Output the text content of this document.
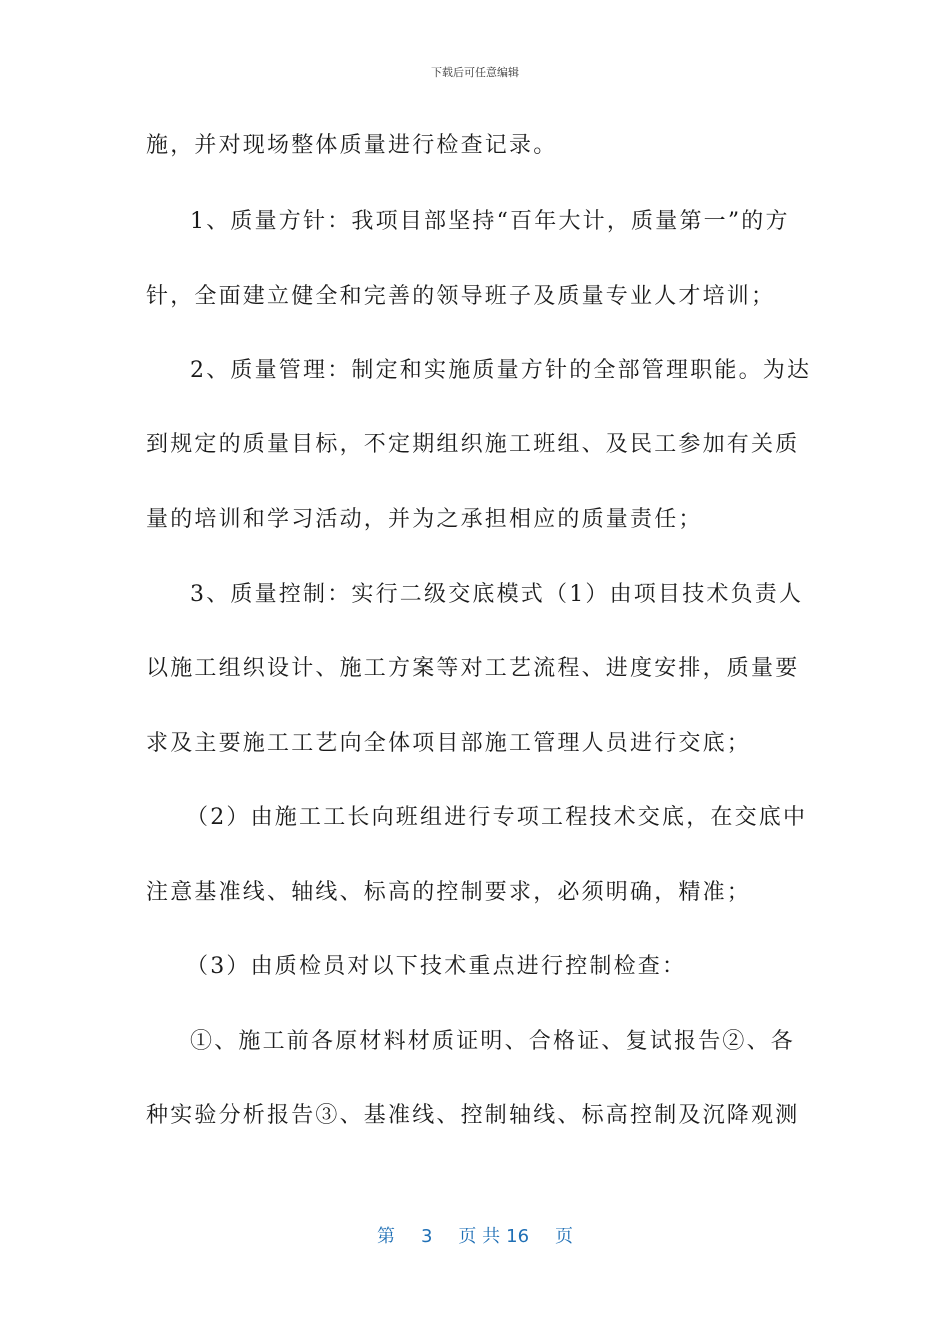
下载后可任意编辑
施，并对现场整体质量进行检查记录。
1、质量方针：我项目部坚持“百年大计，质量第一”的方
针，全面建立健全和完善的领导班子及质量专业人才培训；
2、质量管理：制定和实施质量方针的全部管理职能。为达
到规定的质量目标，不定期组织施工班组、及民工参加有关质
量的培训和学习活动，并为之承担相应的质量责任；
3、质量控制：实行二级交底模式（1）由项目技术负责人
以施工组织设计、施工方案等对工艺流程、进度安排，质量要
求及主要施工工艺向全体项目部施工管理人员进行交底；
（2）由施工工长向班组进行专项工程技术交底，在交底中
注意基准线、轴线、标高的控制要求，必须明确，精准；
（3）由质检员对以下技术重点进行控制检查：
①、施工前各原材料材质证明、合格证、复试报告②、各
种实验分析报告③、基准线、控制轴线、标高控制及沉降观测
第 3 页 共 16 页
